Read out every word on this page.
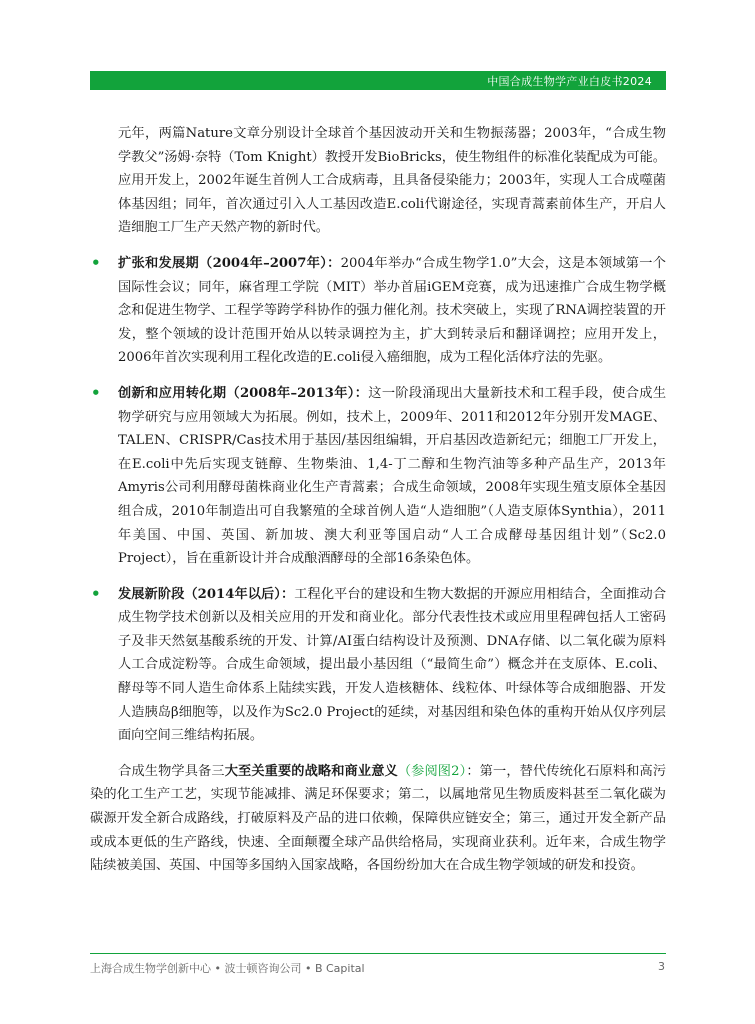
中国合成生物学产业白皮书2024

元年，两篇Nature文章分别设计全球首个基因波动开关和生物振荡器；2003年，“合成生物学教父”汤姆·奈特（Tom Knight）教授开发BioBricks，使生物组件的标准化装配成为可能。应用开发上，2002年诞生首例人工合成病毒，且具备侵染能力；2003年，实现人工合成噬菌体基因组；同年，首次通过引入人工基因改造E.coli代谢途径，实现青蒿素前体生产，开启人造细胞工厂生产天然产物的新时代。

• 扩张和发展期（2004年–2007年）：2004年举办“合成生物学1.0”大会，这是本领域第一个国际性会议；同年，麻省理工学院（MIT）举办首届iGEM竞赛，成为迅速推广合成生物学概念和促进生物学、工程学等跨学科协作的强力催化剂。技术突破上，实现了RNA调控装置的开发，整个领域的设计范围开始从以转录调控为主，扩大到转录后和翻译调控；应用开发上，2006年首次实现利用工程化改造的E.coli侵入癌细胞，成为工程化活体疗法的先驱。
• 创新和应用转化期（2008年–2013年）：这一阶段涌现出大量新技术和工程手段，使合成生物学研究与应用领域大为拓展。例如，技术上，2009年、2011和2012年分别开发MAGE、TALEN、CRISPR/Cas技术用于基因/基因组编辑，开启基因改造新纪元；细胞工厂开发上，在E.coli中先后实现支链醇、生物柴油、1,4-丁二醇和生物汽油等多种产品生产，2013年Amyris公司利用酵母菌株商业化生产青蒿素；合成生命领域，2008年实现生殖支原体全基因组合成，2010年制造出可自我繁殖的全球首例人造“人造细胞”（人造支原体Synthia），2011年美国、中国、英国、新加坡、澳大利亚等国启动“人工合成酵母基因组计划”（Sc2.0 Project），旨在重新设计并合成酿酒酵母的全部16条染色体。
• 发展新阶段（2014年以后）：工程化平台的建设和生物大数据的开源应用相结合，全面推动合成生物学技术创新以及相关应用的开发和商业化。部分代表性技术或应用里程碑包括人工密码子及非天然氨基酸系统的开发、计算/AI蛋白结构设计及预测、DNA存储、以二氧化碳为原料人工合成淀粉等。合成生命领域，提出最小基因组（“最简生命”）概念并在支原体、E.coli、酵母等不同人造生命体系上陆续实践，开发人造核糖体、线粒体、叶绿体等合成细胞器、开发人造胰岛β细胞等，以及作为Sc2.0 Project的延续，对基因组和染色体的重构开始从仅序列层面向空间三维结构拓展。

合成生物学具备三大至关重要的战略和商业意义（参阅图2）：第一，替代传统化石原料和高污染的化工生产工艺，实现节能减排、满足环保要求；第二，以属地常见生物质废料甚至二氧化碳为碳源开发全新合成路线，打破原料及产品的进口依赖，保障供应链安全；第三，通过开发全新产品或成本更低的生产路线，快速、全面颠覆全球产品供给格局，实现商业获利。近年来，合成生物学陆续被美国、英国、中国等多国纳入国家战略，各国纷纷加大在合成生物学领域的研发和投资。

上海合成生物学创新中心 • 波士顿咨询公司 • B Capital	3
